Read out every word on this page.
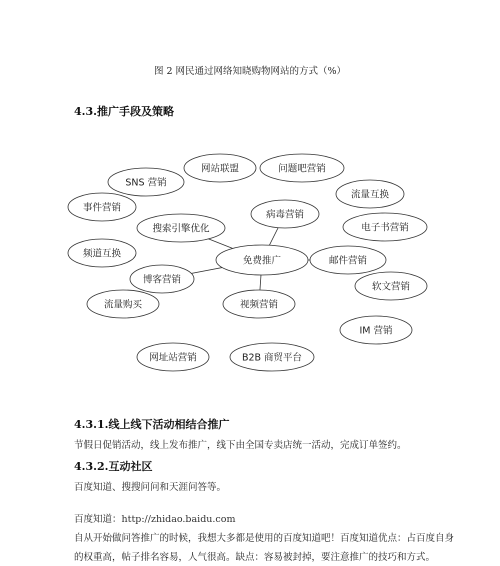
图 2 网民通过网络知晓购物网站的方式（%）
4.3.推广手段及策略
免费推广
网站联盟	问题吧营销
SNS 营销
流量互换
事件营销
病毒营销
电子书营销
搜索引擎优化
频道互换
邮件营销
博客营销
软文营销
流量购买	视频营销
IM 营销
网址站营销	B2B 商贸平台
4.3.1.线上线下活动相结合推广
节假日促销活动，线上发布推广，线下由全国专卖店统一活动，完成订单签约。
4.3.2.互动社区
百度知道、搜搜问问和天涯问答等。
百度知道：http://zhidao.baidu.com
自从开始做问答推广的时候，我想大多都是使用的百度知道吧！百度知道优点：占百度自身
的权重高，帖子排名容易，人气很高。缺点：容易被封掉，要注意推广的技巧和方式。
